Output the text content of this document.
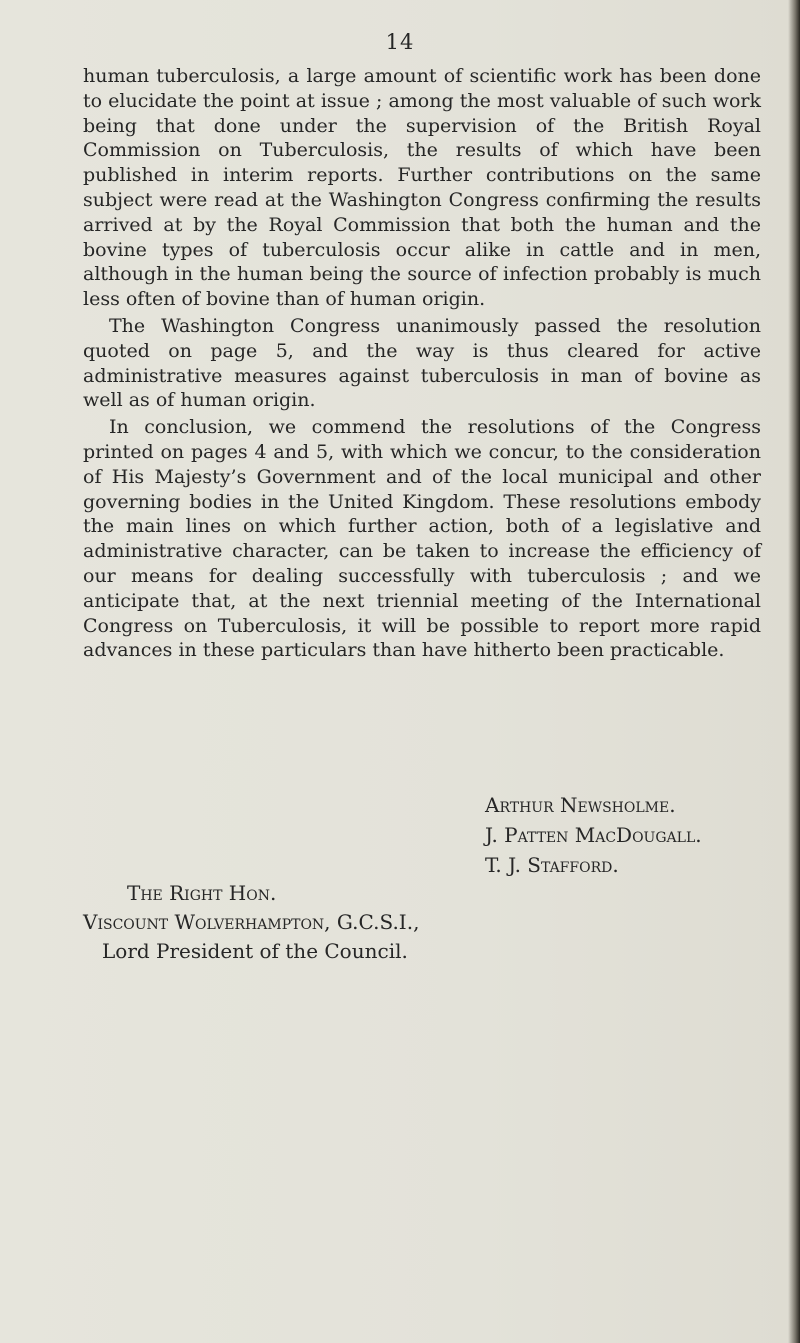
14

human tuberculosis, a large amount of scientific work has been done to elucidate the point at issue ; among the most valuable of such work being that done under the supervision of the British Royal Commission on Tuberculosis, the results of which have been published in interim reports. Further contributions on the same subject were read at the Washington Congress confirming the results arrived at by the Royal Commission that both the human and the bovine types of tuberculosis occur alike in cattle and in men, although in the human being the source of infection probably is much less often of bovine than of human origin.

The Washington Congress unanimously passed the resolution quoted on page 5, and the way is thus cleared for active administrative measures against tuberculosis in man of bovine as well as of human origin.

In conclusion, we commend the resolutions of the Congress printed on pages 4 and 5, with which we concur, to the consideration of His Majesty’s Government and of the local municipal and other governing bodies in the United Kingdom. These resolutions embody the main lines on which further action, both of a legislative and administrative character, can be taken to increase the efficiency of our means for dealing successfully with tuberculosis ; and we anticipate that, at the next triennial meeting of the International Congress on Tuberculosis, it will be possible to report more rapid advances in these particulars than have hitherto been practicable.

Arthur Newsholme.
J. Patten MacDougall.
T. J. Stafford.
The Right Hon.
Viscount Wolverhampton, G.C.S.I.,
Lord President of the Council.
